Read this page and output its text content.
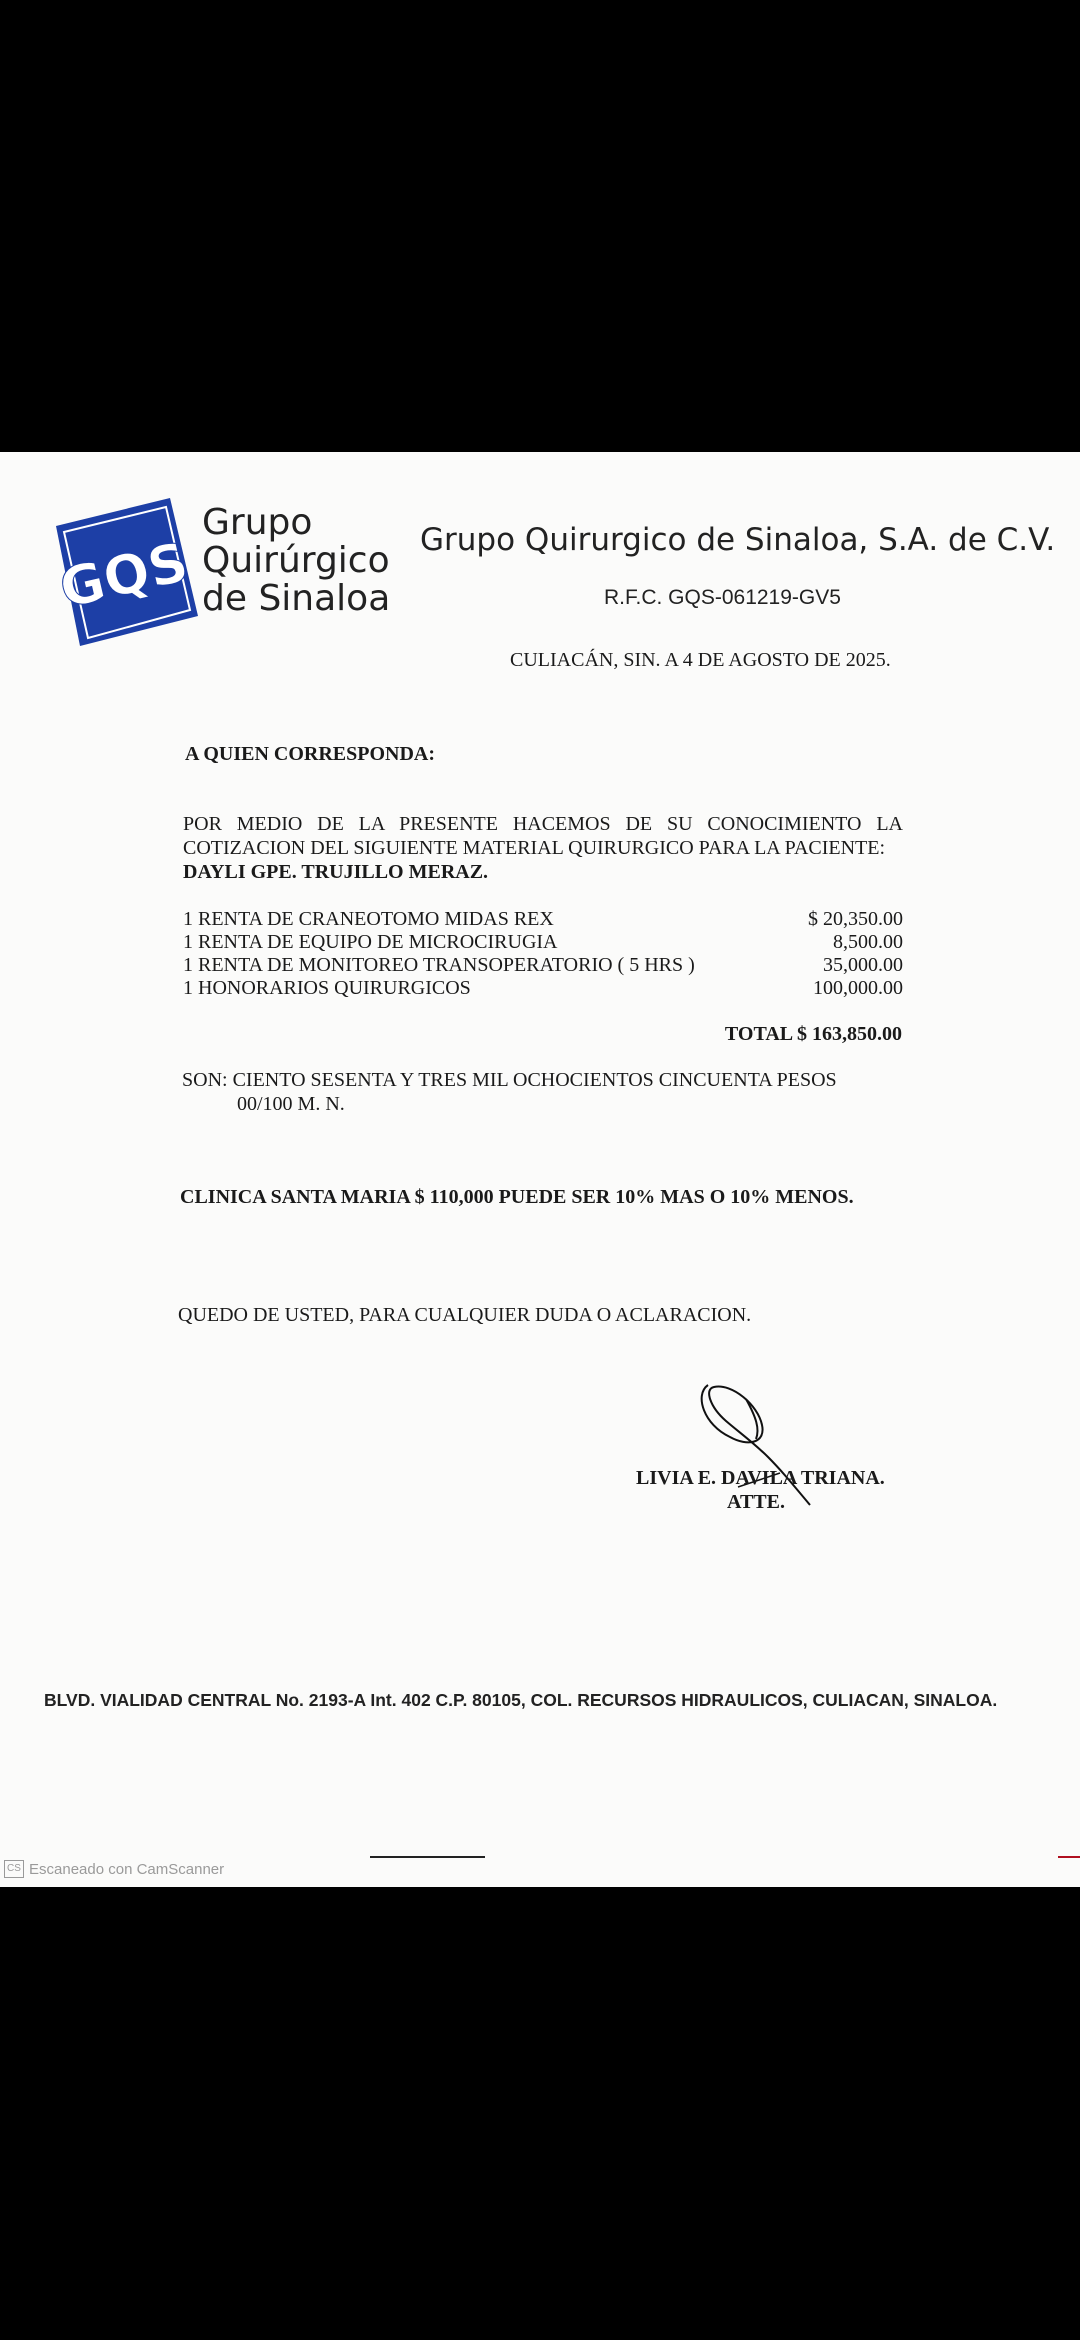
GQS
Grupo
Quirúrgico
de Sinaloa
Grupo Quirurgico de Sinaloa, S.A. de C.V.
R.F.C. GQS-061219-GV5
CULIACÁN, SIN. A 4 DE AGOSTO DE 2025.
A QUIEN CORRESPONDA:
POR MEDIO DE LA PRESENTE HACEMOS DE SU CONOCIMIENTO LA COTIZACION DEL SIGUIENTE MATERIAL QUIRURGICO PARA LA PACIENTE:
DAYLI GPE. TRUJILLO MERAZ.
1 RENTA DE CRANEOTOMO MIDAS REX	$ 20,350.00
1 RENTA DE EQUIPO DE MICROCIRUGIA	8,500.00
1 RENTA DE MONITOREO TRANSOPERATORIO ( 5 HRS )	35,000.00
1 HONORARIOS QUIRURGICOS	100,000.00
TOTAL $ 163,850.00
SON: CIENTO SESENTA Y TRES MIL OCHOCIENTOS CINCUENTA PESOS
00/100 M. N.
CLINICA SANTA MARIA $ 110,000 PUEDE SER 10% MAS O 10% MENOS.
QUEDO DE USTED, PARA CUALQUIER DUDA O ACLARACION.
LIVIA E. DAVILA TRIANA.
ATTE.
BLVD. VIALIDAD CENTRAL No. 2193-A Int. 402 C.P. 80105, COL. RECURSOS HIDRAULICOS, CULIACAN, SINALOA.
CS Escaneado con CamScanner
